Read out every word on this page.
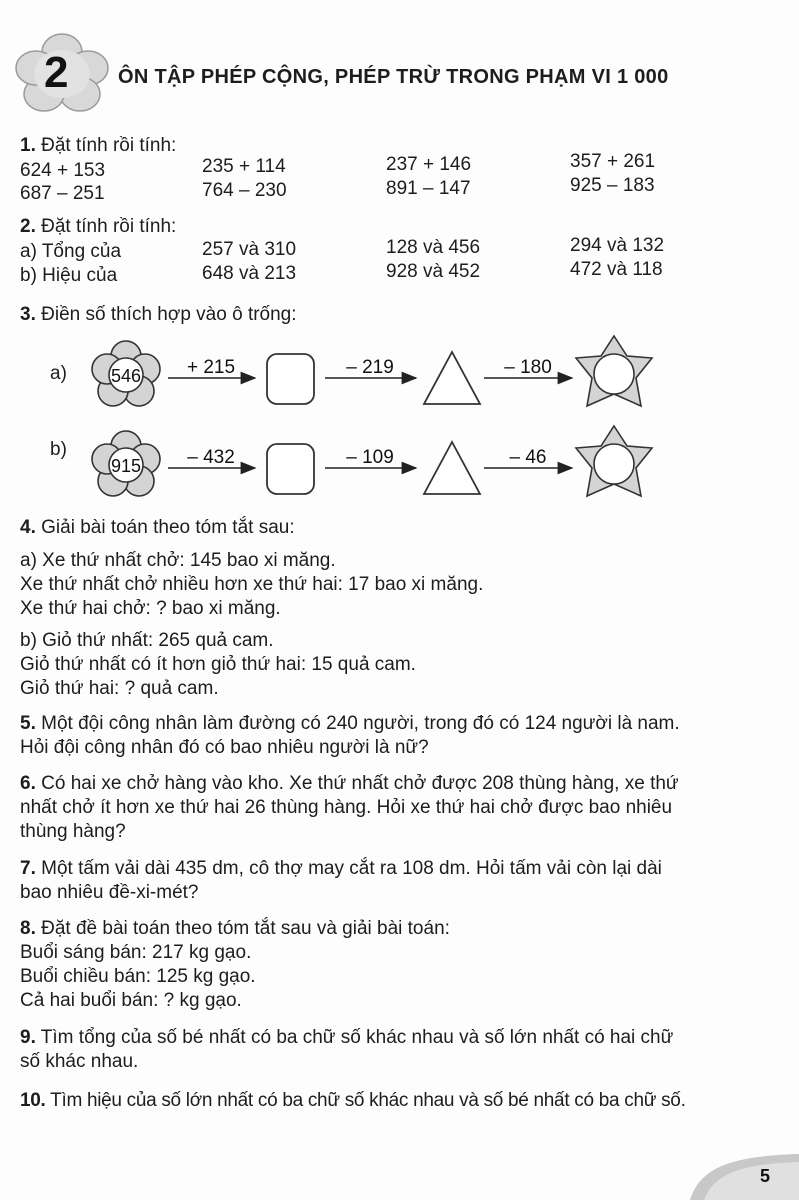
2 ÔN TẬP PHÉP CỘNG, PHÉP TRỪ TRONG PHẠM VI 1 000
1. Đặt tính rồi tính:
624 + 153	235 + 114	237 + 146	357 + 261
687 – 251	764 – 230	891 – 147	925 – 183
2. Đặt tính rồi tính:
a) Tổng của	257 và 310	128 và 456	294 và 132
b) Hiệu của	648 và 213	928 và 452	472 và 118
3. Điền số thích hợp vào ô trống:
a) 546 + 215	– 219	– 180
b)
915 – 432	– 109	– 46
4. Giải bài toán theo tóm tắt sau:
a) Xe thứ nhất chở: 145 bao xi măng.
Xe thứ nhất chở nhiều hơn xe thứ hai: 17 bao xi măng.
Xe thứ hai chở: ? bao xi măng.
b) Giỏ thứ nhất: 265 quả cam.
Giỏ thứ nhất có ít hơn giỏ thứ hai: 15 quả cam.
Giỏ thứ hai: ? quả cam.
5. Một đội công nhân làm đường có 240 người, trong đó có 124 người là nam.
Hỏi đội công nhân đó có bao nhiêu người là nữ?
6. Có hai xe chở hàng vào kho. Xe thứ nhất chở được 208 thùng hàng, xe thứ
nhất chở ít hơn xe thứ hai 26 thùng hàng. Hỏi xe thứ hai chở được bao nhiêu
thùng hàng?
7. Một tấm vải dài 435 dm, cô thợ may cắt ra 108 dm. Hỏi tấm vải còn lại dài
bao nhiêu đề-xi-mét?
8. Đặt đề bài toán theo tóm tắt sau và giải bài toán:
Buổi sáng bán: 217 kg gạo.
Buổi chiều bán: 125 kg gạo.
Cả hai buổi bán: ? kg gạo.
9. Tìm tổng của số bé nhất có ba chữ số khác nhau và số lớn nhất có hai chữ
số khác nhau.
10. Tìm hiệu của số lớn nhất có ba chữ số khác nhau và số bé nhất có ba chữ số.
5
